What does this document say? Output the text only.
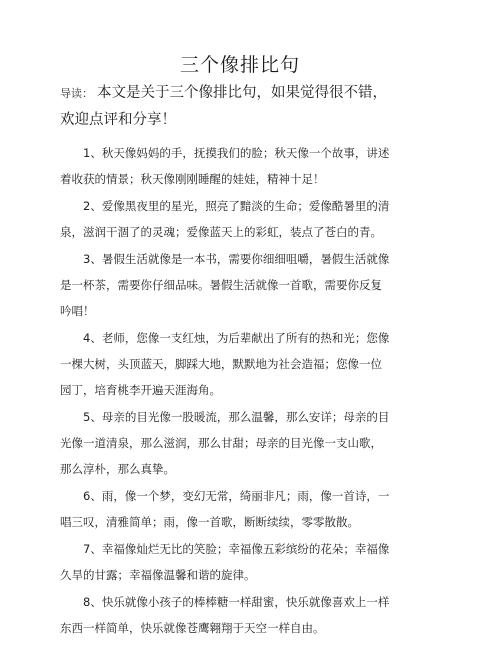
三个像排比句
导读： 本文是关于三个像排比句，如果觉得很不错，欢迎点评和分享！

1、秋天像妈妈的手，抚摸我们的脸；秋天像一个故事，讲述着收获的情景；秋天像刚刚睡醒的娃娃，精神十足！

2、爱像黑夜里的星光，照亮了黯淡的生命；爱像酷暑里的清泉，滋润干涸了的灵魂；爱像蓝天上的彩虹，装点了苍白的青。

3、暑假生活就像是一本书，需要你细细咀嚼，暑假生活就像是一杯茶，需要你仔细品味。暑假生活就像一首歌，需要你反复吟唱！

4、老师，您像一支红烛，为后辈献出了所有的热和光；您像一棵大树，头顶蓝天，脚踩大地，默默地为社会造福；您像一位园丁，培育桃李开遍天涯海角。

5、母亲的目光像一股暖流，那么温馨，那么安详；母亲的目光像一道清泉，那么滋润，那么甘甜；母亲的目光像一支山歌，那么淳朴，那么真挚。

6、雨，像一个梦，变幻无常，绮丽非凡；雨，像一首诗，一唱三叹，清雅简单；雨，像一首歌，断断续续，零零散散。

7、幸福像灿烂无比的笑脸；幸福像五彩缤纷的花朵；幸福像久旱的甘露；幸福像温馨和谐的旋律。

8、快乐就像小孩子的棒棒糖一样甜蜜，快乐就像喜欢上一样东西一样简单，快乐就像苍鹰翱翔于天空一样自由。
